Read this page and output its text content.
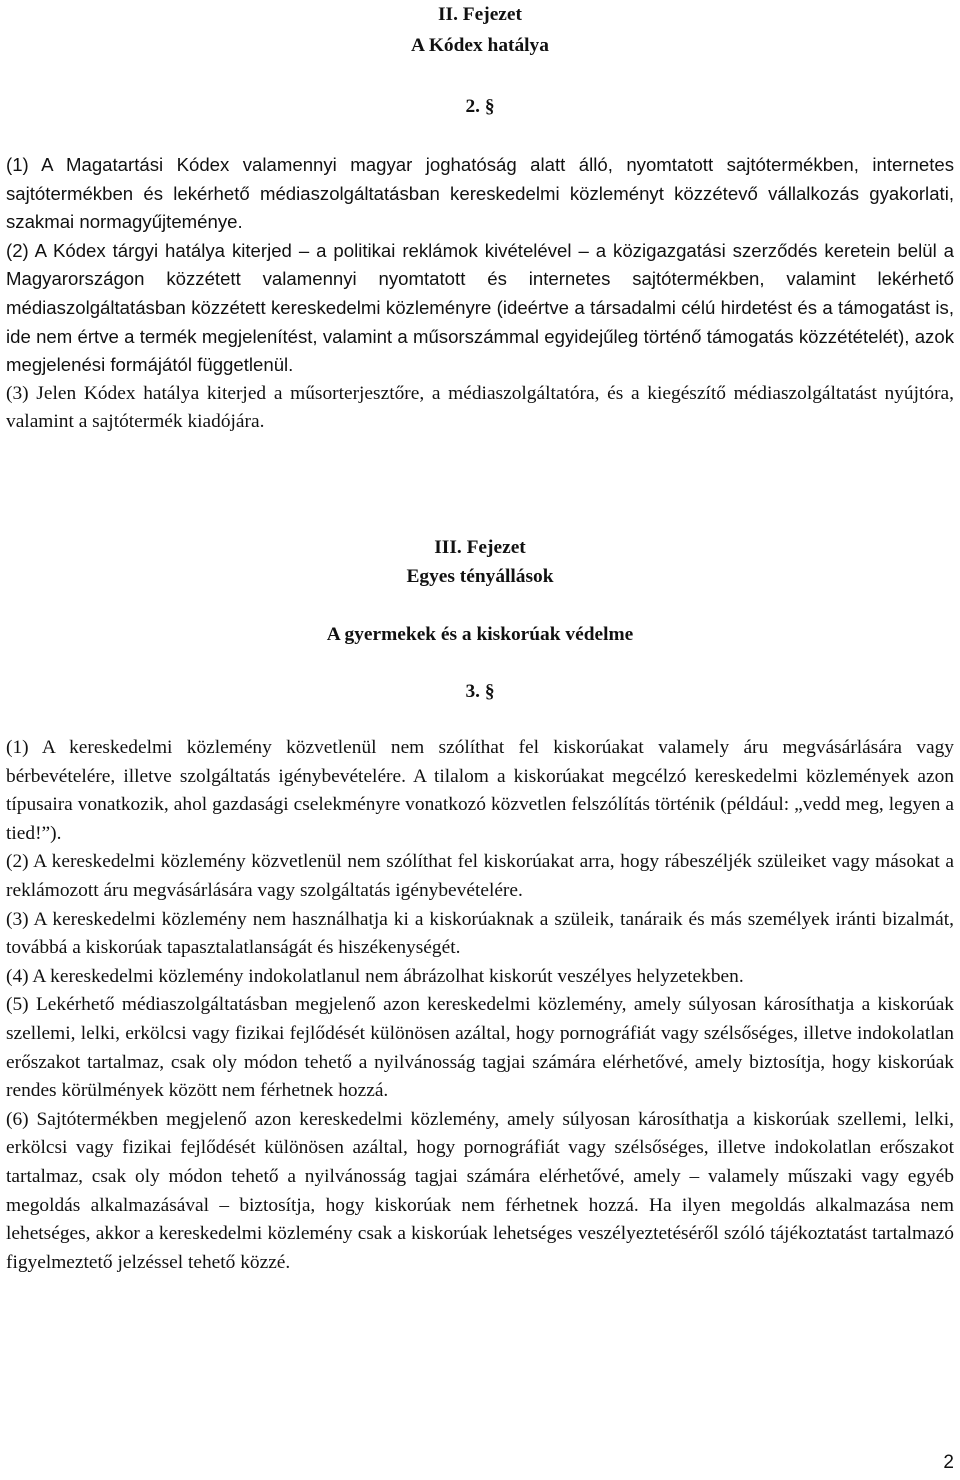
II. Fejezet
A Kódex hatálya
2. §

(1) A Magatartási Kódex valamennyi magyar joghatóság alatt álló, nyomtatott sajtótermékben, internetes sajtótermékben és lekérhető médiaszolgáltatásban kereskedelmi közleményt közzétevő vállalkozás gyakorlati, szakmai normagyűjteménye.

(2) A Kódex tárgyi hatálya kiterjed – a politikai reklámok kivételével – a közigazgatási szerződés keretein belül a Magyarországon közzétett valamennyi nyomtatott és internetes sajtótermékben, valamint lekérhető médiaszolgáltatásban közzétett kereskedelmi közleményre (ideértve a társadalmi célú hirdetést és a támogatást is, ide nem értve a termék megjelenítést, valamint a műsorszámmal egyidejűleg történő támogatás közzétételét), azok megjelenési formájától függetlenül.

(3) Jelen Kódex hatálya kiterjed a műsorterjesztőre, a médiaszolgáltatóra, és a kiegészítő médiaszolgáltatást nyújtóra, valamint a sajtótermék kiadójára.

III. Fejezet
Egyes tényállások
A gyermekek és a kiskorúak védelme
3. §

(1) A kereskedelmi közlemény közvetlenül nem szólíthat fel kiskorúakat valamely áru megvásárlására vagy bérbevételére, illetve szolgáltatás igénybevételére. A tilalom a kiskorúakat megcélzó kereskedelmi közlemények azon típusaira vonatkozik, ahol gazdasági cselekményre vonatkozó közvetlen felszólítás történik (például: „vedd meg, legyen a tied!”).

(2) A kereskedelmi közlemény közvetlenül nem szólíthat fel kiskorúakat arra, hogy rábeszéljék szüleiket vagy másokat a reklámozott áru megvásárlására vagy szolgáltatás igénybevételére.

(3) A kereskedelmi közlemény nem használhatja ki a kiskorúaknak a szüleik, tanáraik és más személyek iránti bizalmát, továbbá a kiskorúak tapasztalatlanságát és hiszékenységét.

(4) A kereskedelmi közlemény indokolatlanul nem ábrázolhat kiskorút veszélyes helyzetekben.

(5) Lekérhető médiaszolgáltatásban megjelenő azon kereskedelmi közlemény, amely súlyosan károsíthatja a kiskorúak szellemi, lelki, erkölcsi vagy fizikai fejlődését különösen azáltal, hogy pornográfiát vagy szélsőséges, illetve indokolatlan erőszakot tartalmaz, csak oly módon tehető a nyilvánosság tagjai számára elérhetővé, amely biztosítja, hogy kiskorúak rendes körülmények között nem férhetnek hozzá.

(6) Sajtótermékben megjelenő azon kereskedelmi közlemény, amely súlyosan károsíthatja a kiskorúak szellemi, lelki, erkölcsi vagy fizikai fejlődését különösen azáltal, hogy pornográfiát vagy szélsőséges, illetve indokolatlan erőszakot tartalmaz, csak oly módon tehető a nyilvánosság tagjai számára elérhetővé, amely – valamely műszaki vagy egyéb megoldás alkalmazásával – biztosítja, hogy kiskorúak nem férhetnek hozzá. Ha ilyen megoldás alkalmazása nem lehetséges, akkor a kereskedelmi közlemény csak a kiskorúak lehetséges veszélyeztetéséről szóló tájékoztatást tartalmazó figyelmeztető jelzéssel tehető közzé.

2
